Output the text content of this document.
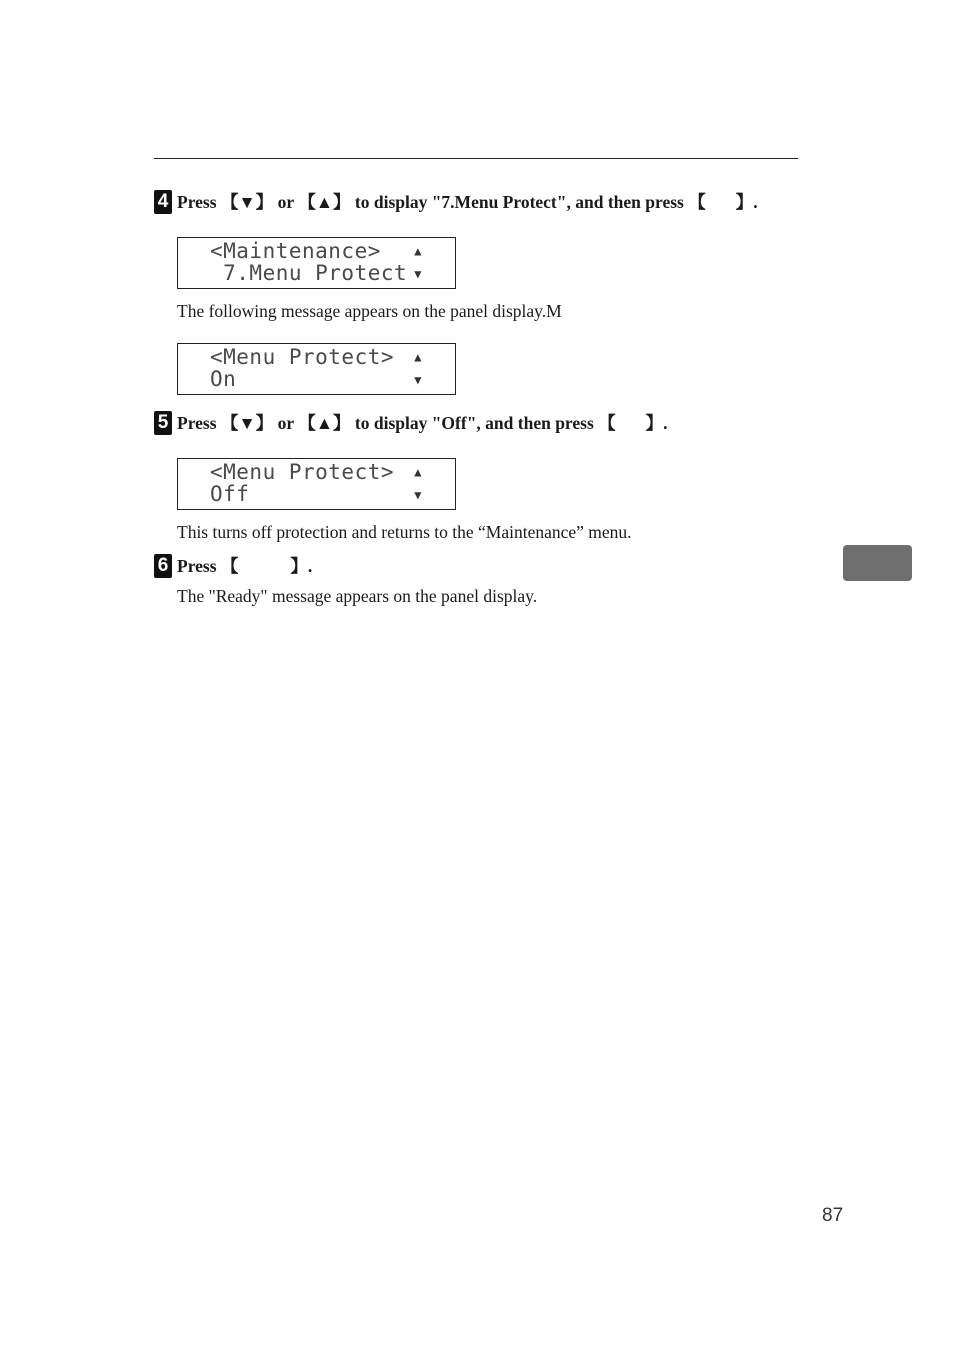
4 Press 【▼】 or 【▲】 to display "7.Menu Protect", and then press 【 】.
<Maintenance>
7.Menu Protect
▲
▼
The following message appears on the panel display.M
<Menu Protect>
On
▲
▼
5 Press 【▼】 or 【▲】 to display "Off", and then press 【 】.
<Menu Protect>
Off
▲
▼
This turns off protection and returns to the “Maintenance” menu.
6 Press 【	】.
The "Ready" message appears on the panel display.
87
